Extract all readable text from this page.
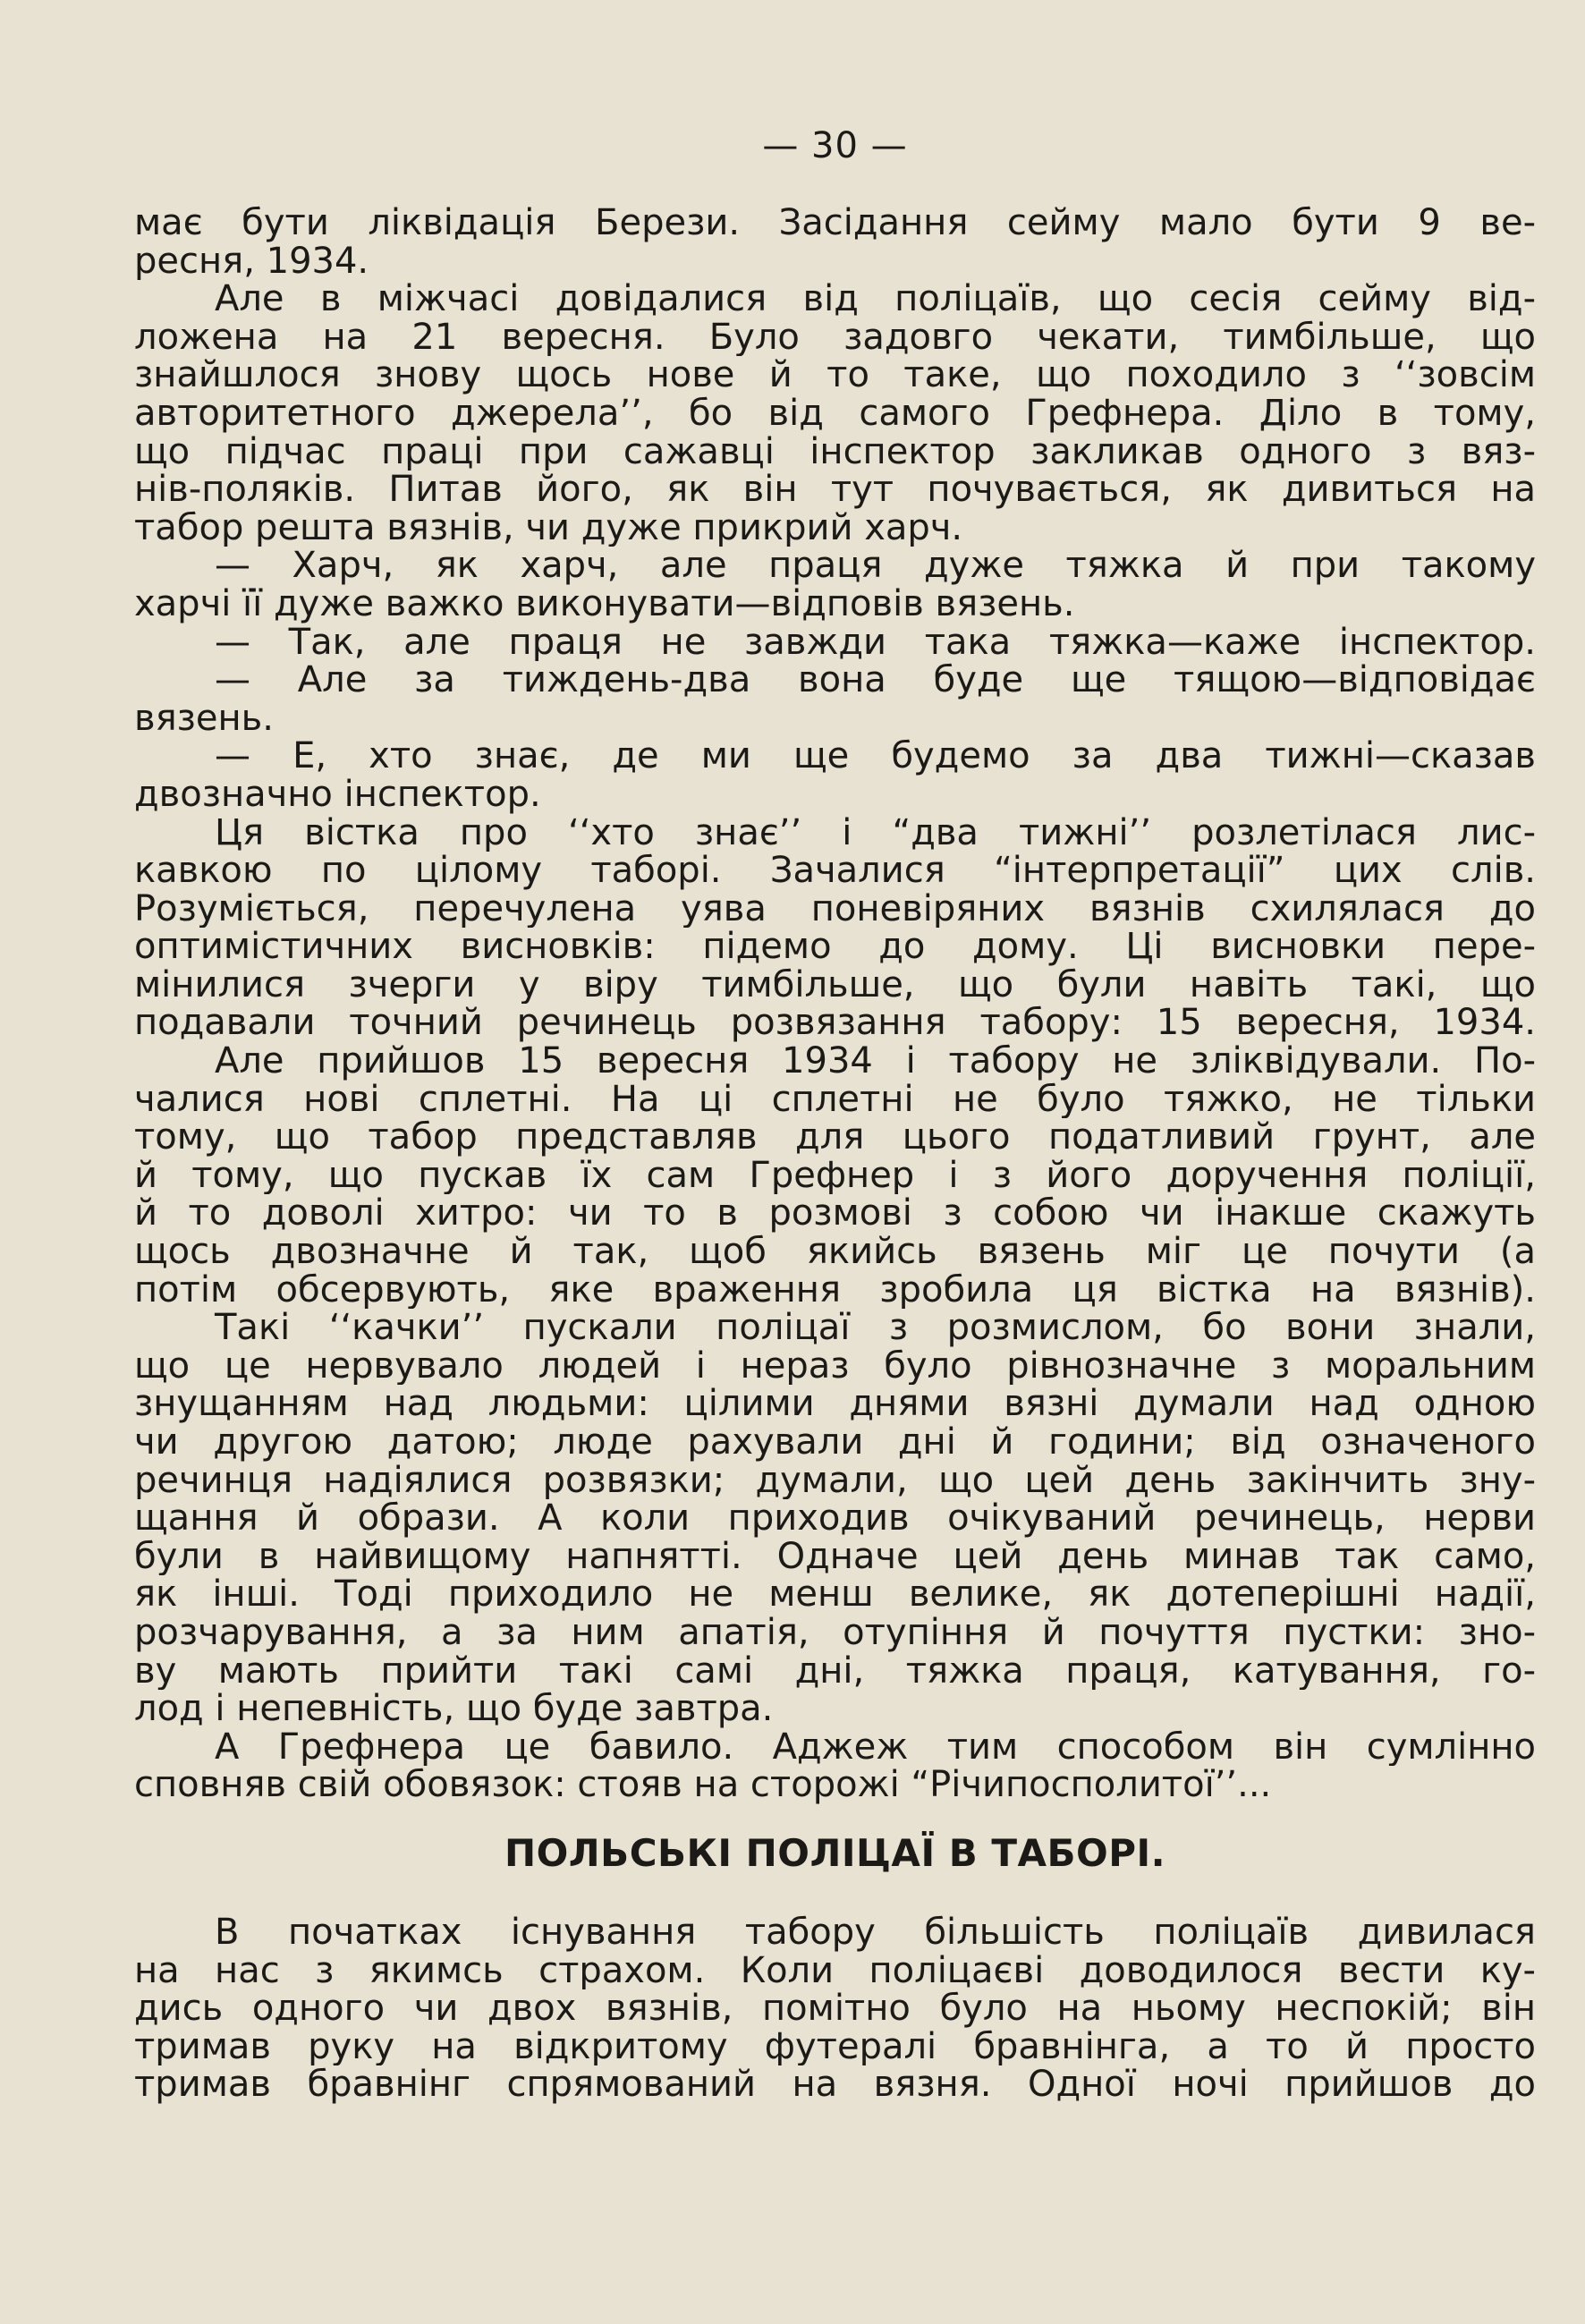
— 30 —
має бути ліквідація Берези. Засідання сейму мало бути 9 ве-
ресня, 1934.
Але в міжчасі довідалися від поліцаїв, що сесія сейму від-
ложена на 21 вересня. Було задовго чекати, тимбільше, що
знайшлося знову щось нове й то таке, що походило з ‘‘зовсім
авторитетного джерела’’, бо від самого Грефнера. Діло в тому,
що підчас праці при сажавці інспектор закликав одного з вяз-
нів-поляків. Питав його, як він тут почувається, як дивиться на
табор решта вязнів, чи дуже прикрий харч.
— Харч, як харч, але праця дуже тяжка й при такому
харчі її дуже важко виконувати—відповів вязень.
— Так, але праця не завжди така тяжка—каже інспектор.
— Але за тиждень-два вона буде ще тящою—відповідає
вязень.
— Е, хто знає, де ми ще будемо за два тижні—сказав
двозначно інспектор.
Ця вістка про ‘‘хто знає’’ і “два тижні’’ розлетілася лис-
кавкою по цілому таборі. Зачалися “інтерпретації” цих слів.
Розуміється, перечулена уява поневіряних вязнів схилялася до
оптимістичних висновків: підемо до дому. Ці висновки пере-
мінилися зчерги у віру тимбільше, що були навіть такі, що
подавали точний речинець розвязання табору: 15 вересня, 1934.
Але прийшов 15 вересня 1934 і табору не зліквідували. По-
чалися нові сплетні. На ці сплетні не було тяжко, не тільки
тому, що табор представляв для цього податливий грунт, але
й тому, що пускав їх сам Грефнер і з його доручення поліції,
й то доволі хитро: чи то в розмові з собою чи інакше скажуть
щось двозначне й так, щоб якийсь вязень міг це почути (а
потім обсервують, яке враження зробила ця вістка на вязнів).
Такі ‘‘качки’’ пускали поліцаї з розмислом, бо вони знали,
що це нервувало людей і нераз було рівнозначне з моральним
знущанням над людьми: цілими днями вязні думали над одною
чи другою датою; люде рахували дні й години; від означеного
речинця надіялися розвязки; думали, що цей день закінчить зну-
щання й образи. А коли приходив очікуваний речинець, нерви
були в найвищому напнятті. Одначе цей день минав так само,
як інші. Тоді приходило не менш велике, як дотеперішні надії,
розчарування, а за ним апатія, отупіння й почуття пустки: зно-
ву мають прийти такі самі дні, тяжка праця, катування, го-
лод і непевність, що буде завтра.
А Грефнера це бавило. Аджеж тим способом він сумлінно
сповняв свій обовязок: стояв на сторожі “Річипосполитої’’...
ПОЛЬСЬКІ ПОЛІЦАЇ В ТАБОРІ.
В початках існування табору більшість поліцаїв дивилася
на нас з якимсь страхом. Коли поліцаєві доводилося вести ку-
дись одного чи двох вязнів, помітно було на ньому неспокій; він
тримав руку на відкритому футералі бравнінга, а то й просто
тримав бравнінг спрямований на вязня. Одної ночі прийшов до
